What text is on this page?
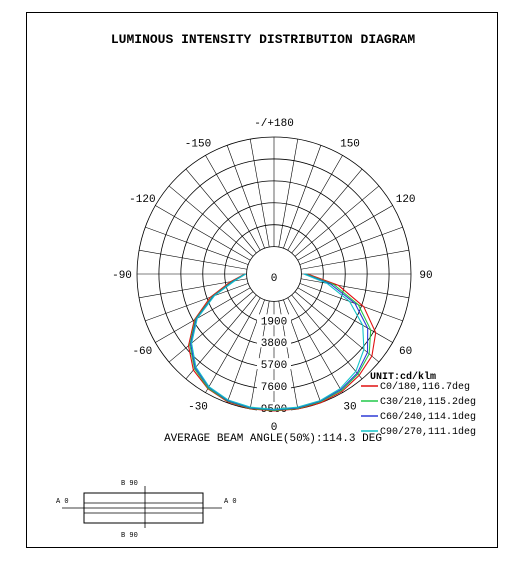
LUMINOUS INTENSITY DISTRIBUTION DIAGRAM
-/+180
150
-150
120
-120
90
-90
60
-60
30
-30
0
1900
3800
5700
7600
9500
0
UNIT:cd/klm
C0/180,116.7deg
C30/210,115.2deg
C60/240,114.1deg
C90/270,111.1deg
AVERAGE BEAM ANGLE(50%):114.3 DEG
B 90
B 90
A 0	A 0
